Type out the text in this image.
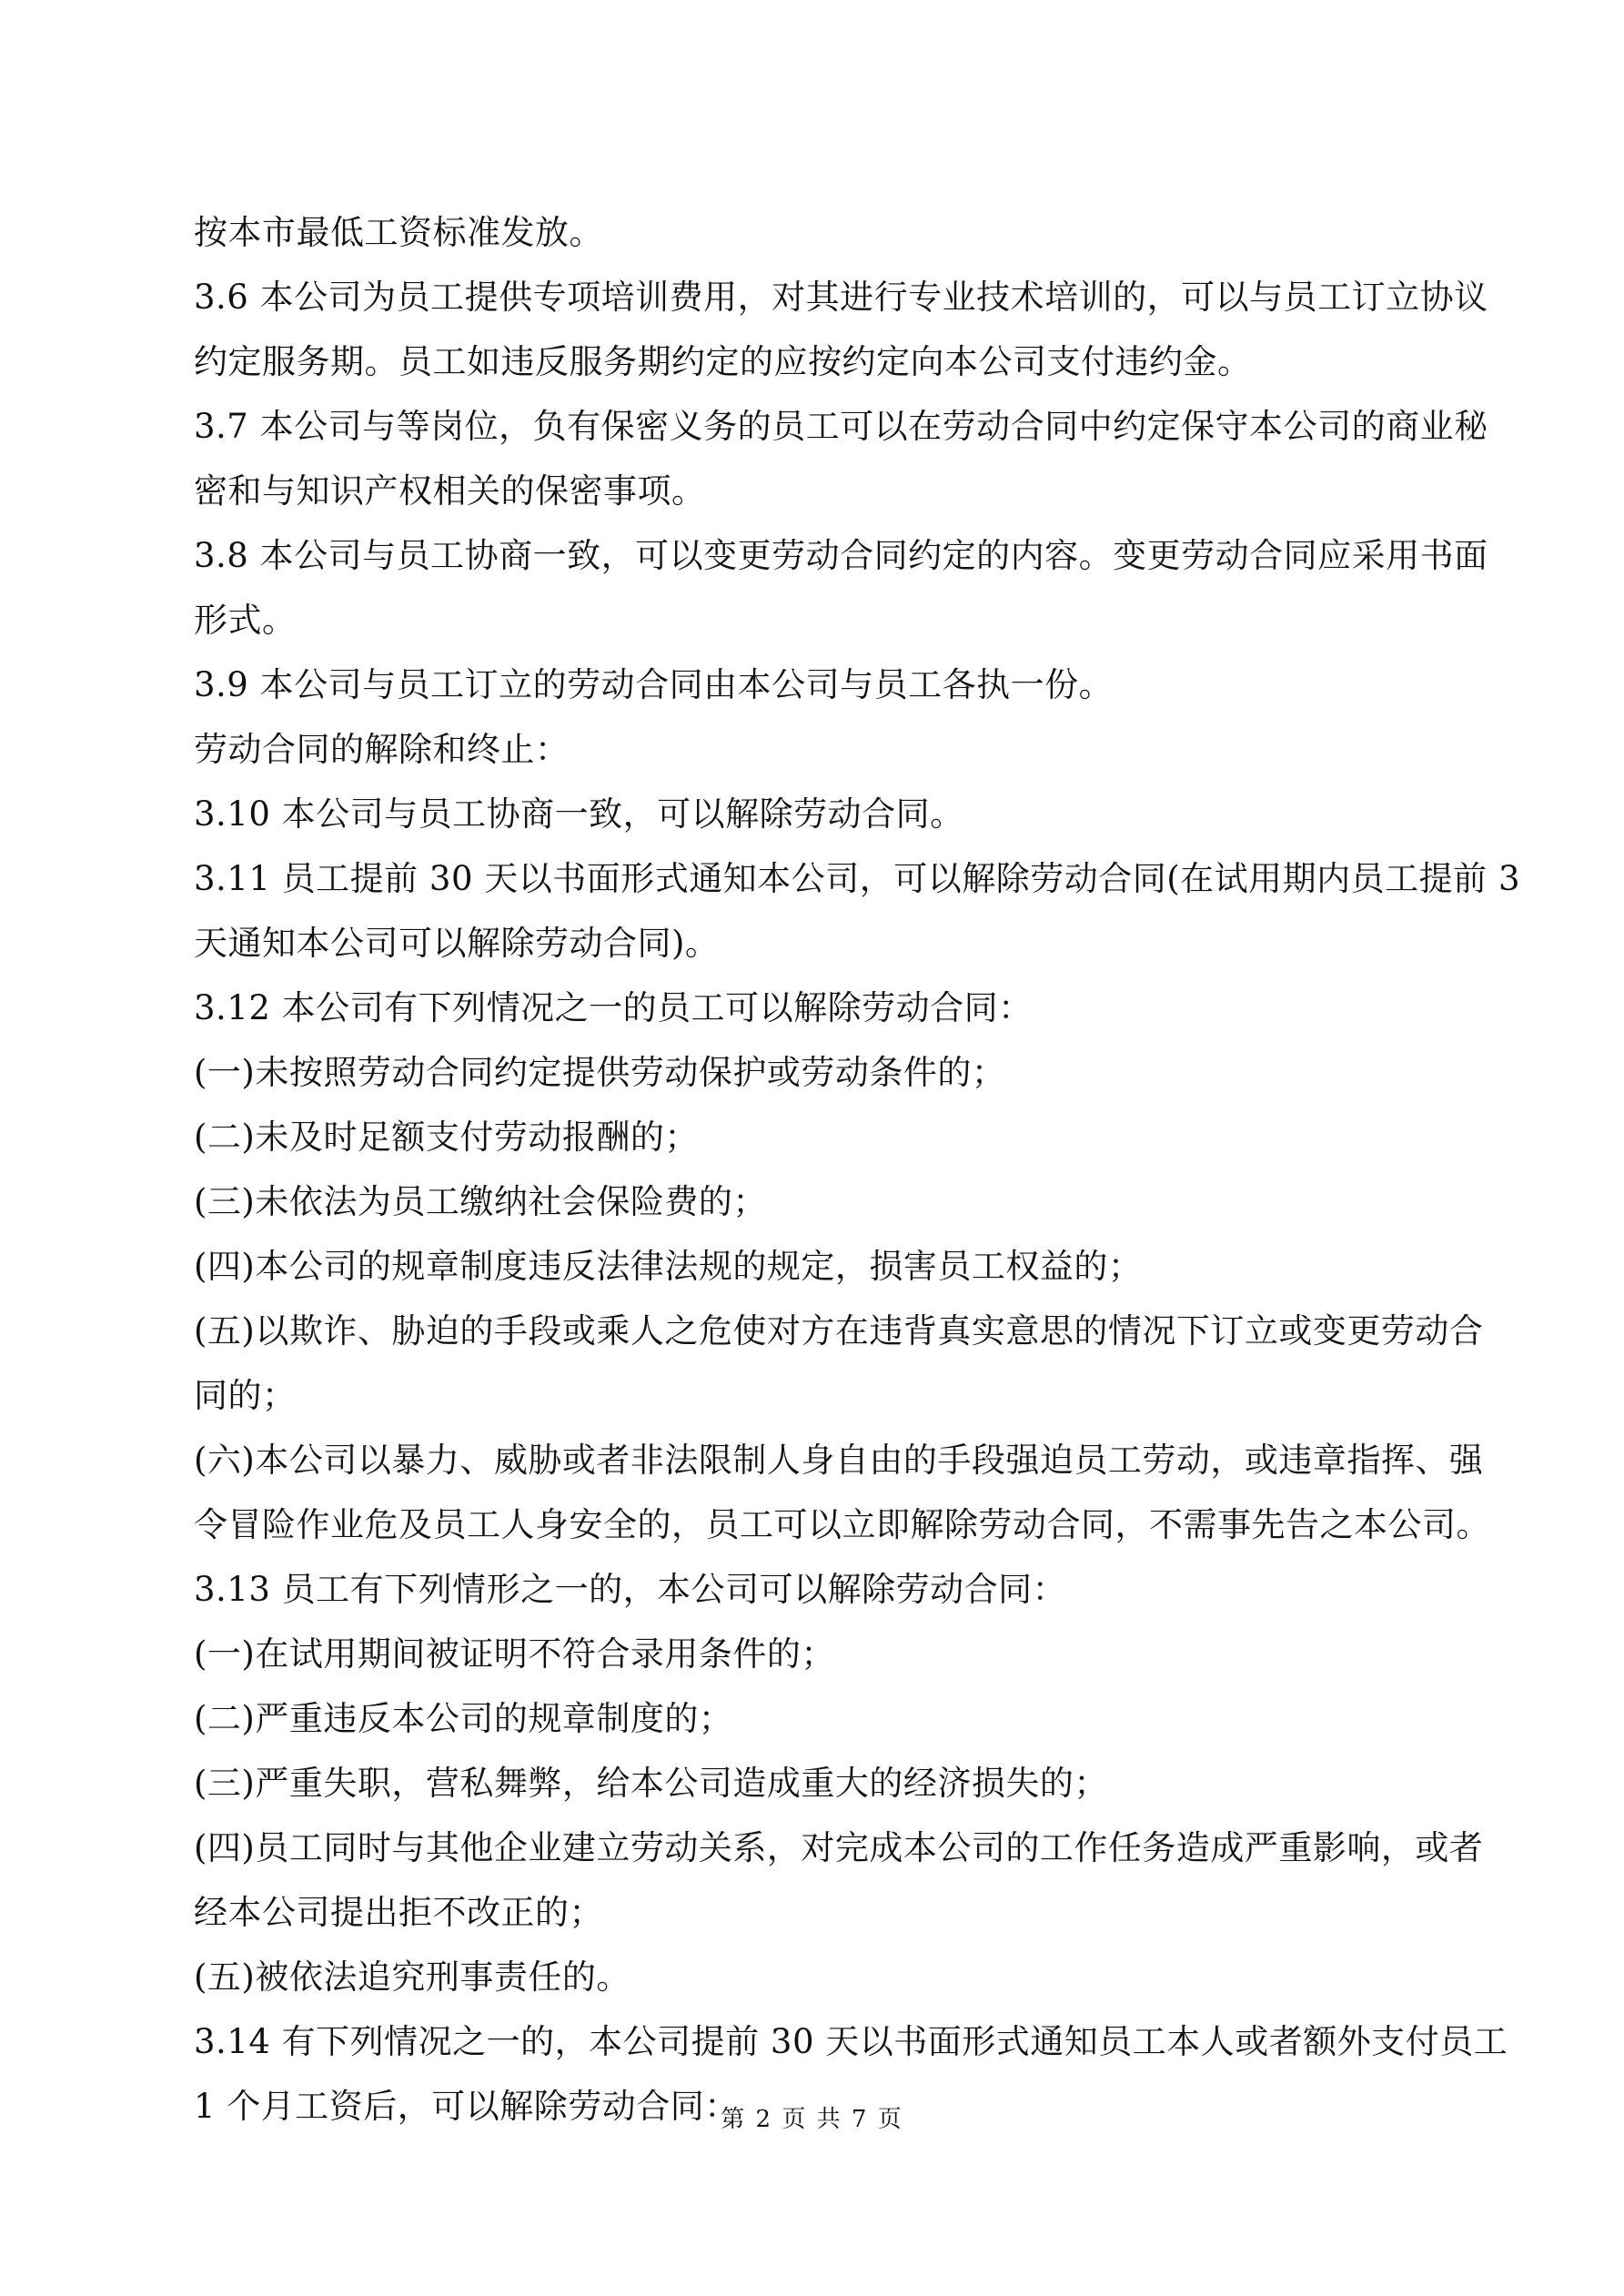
按本市最低工资标准发放。
3.6 本公司为员工提供专项培训费用，对其进行专业技术培训的，可以与员工订立协议
约定服务期。员工如违反服务期约定的应按约定向本公司支付违约金。
3.7 本公司与等岗位，负有保密义务的员工可以在劳动合同中约定保守本公司的商业秘
密和与知识产权相关的保密事项。
3.8 本公司与员工协商一致，可以变更劳动合同约定的内容。变更劳动合同应采用书面
形式。
3.9 本公司与员工订立的劳动合同由本公司与员工各执一份。
劳动合同的解除和终止：
3.10 本公司与员工协商一致，可以解除劳动合同。
3.11 员工提前 30 天以书面形式通知本公司，可以解除劳动合同(在试用期内员工提前 3
天通知本公司可以解除劳动合同)。
3.12 本公司有下列情况之一的员工可以解除劳动合同：
(一)未按照劳动合同约定提供劳动保护或劳动条件的；
(二)未及时足额支付劳动报酬的；
(三)未依法为员工缴纳社会保险费的；
(四)本公司的规章制度违反法律法规的规定，损害员工权益的；
(五)以欺诈、胁迫的手段或乘人之危使对方在违背真实意思的情况下订立或变更劳动合
同的；
(六)本公司以暴力、威胁或者非法限制人身自由的手段强迫员工劳动，或违章指挥、强
令冒险作业危及员工人身安全的，员工可以立即解除劳动合同，不需事先告之本公司。
3.13 员工有下列情形之一的，本公司可以解除劳动合同：
(一)在试用期间被证明不符合录用条件的；
(二)严重违反本公司的规章制度的；
(三)严重失职，营私舞弊，给本公司造成重大的经济损失的；
(四)员工同时与其他企业建立劳动关系，对完成本公司的工作任务造成严重影响，或者
经本公司提出拒不改正的；
(五)被依法追究刑事责任的。
3.14 有下列情况之一的，本公司提前 30 天以书面形式通知员工本人或者额外支付员工
1 个月工资后，可以解除劳动合同：
第 2 页 共 7 页
